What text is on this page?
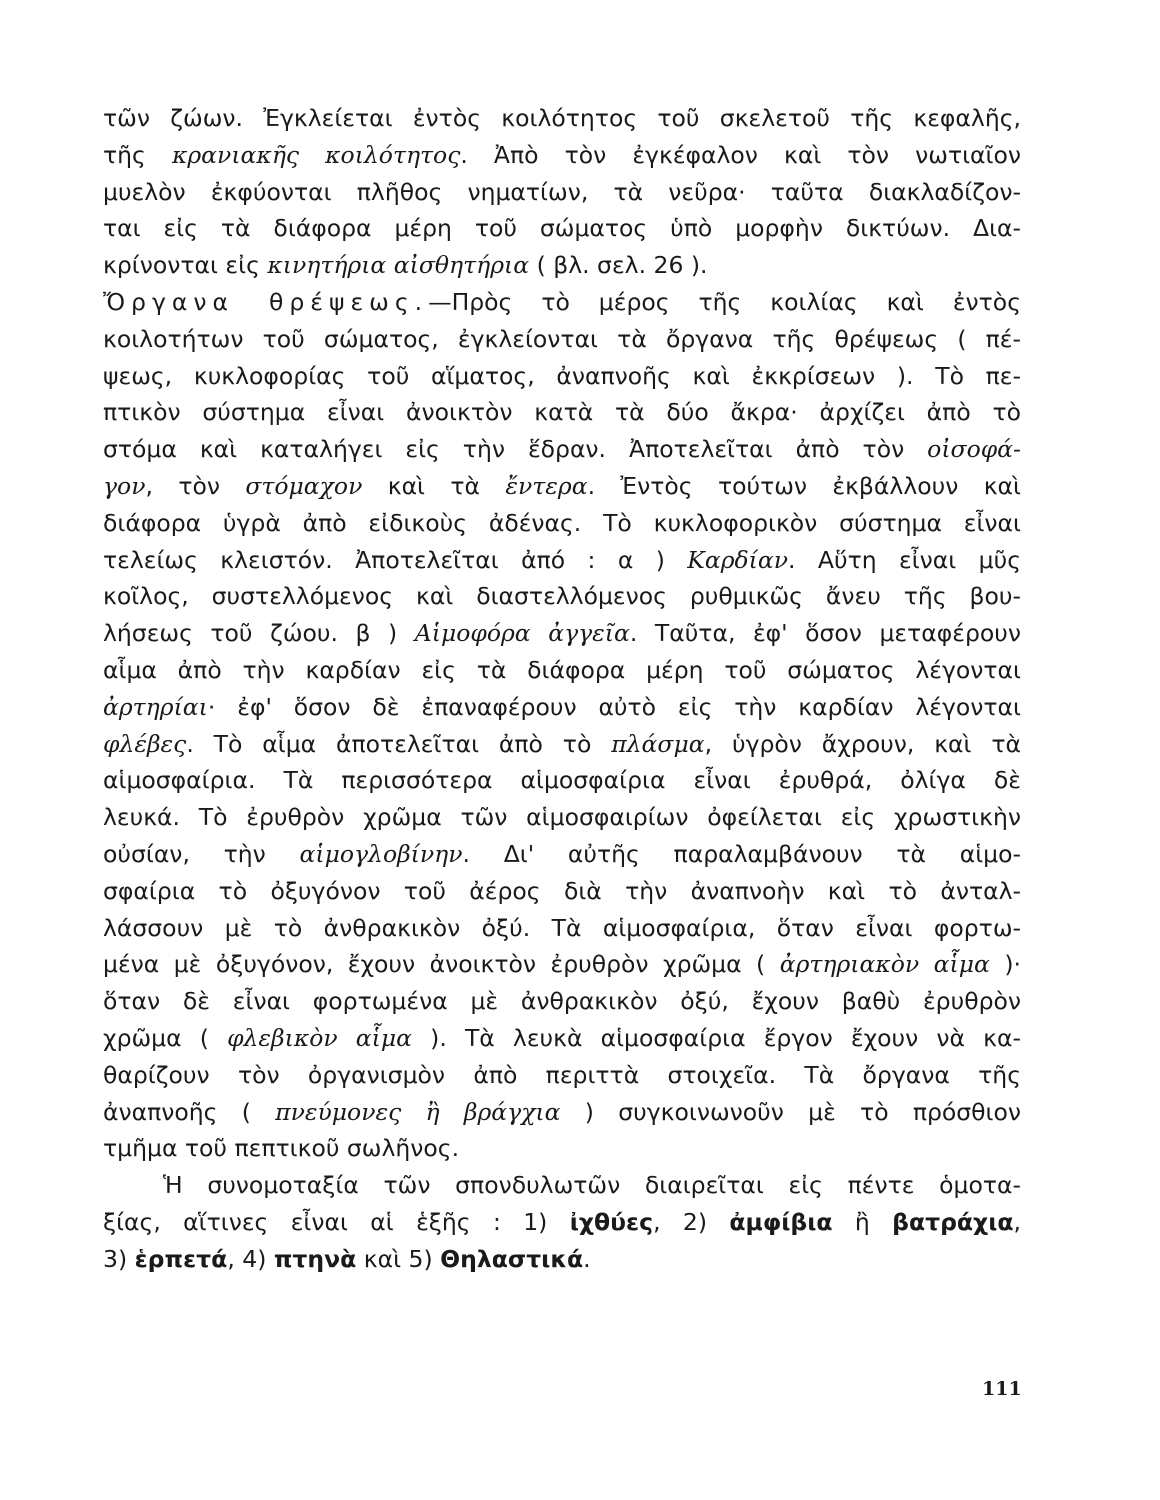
τῶν ζώων. Ἐγκλείεται ἐντὸς κοιλότητος τοῦ σκελετοῦ τῆς κεφαλῆς,
τῆς κρανιακῆς κοιλότητος. Ἀπὸ τὸν ἐγκέφαλον καὶ τὸν νωτιαῖον
μυελὸν ἐκφύονται πλῆθος νηματίων, τὰ νεῦρα· ταῦτα διακλαδίζον-
ται εἰς τὰ διάφορα μέρη τοῦ σώματος ὑπὸ μορφὴν δικτύων. Δια-
κρίνονται εἰς κινητήρια αἰσθητήρια ( βλ. σελ. 26 ).
Ὄργανα θρέψεως.—Πρὸς τὸ μέρος τῆς κοιλίας καὶ ἐντὸς
κοιλοτήτων τοῦ σώματος, ἐγκλείονται τὰ ὄργανα τῆς θρέψεως ( πέ-
ψεως, κυκλοφορίας τοῦ αἵματος, ἀναπνοῆς καὶ ἐκκρίσεων ). Τὸ πε-
πτικὸν σύστημα εἶναι ἀνοικτὸν κατὰ τὰ δύο ἄκρα· ἀρχίζει ἀπὸ τὸ
στόμα καὶ καταλήγει εἰς τὴν ἕδραν. Ἀποτελεῖται ἀπὸ τὸν οἰσοφά-
γον, τὸν στόμαχον καὶ τὰ ἔντερα. Ἐντὸς τούτων ἐκβάλλουν καὶ
διάφορα ὑγρὰ ἀπὸ εἰδικοὺς ἀδένας. Τὸ κυκλοφορικὸν σύστημα εἶναι
τελείως κλειστόν. Ἀποτελεῖται ἀπό : α ) Καρδίαν. Αὕτη εἶναι μῦς
κοῖλος, συστελλόμενος καὶ διαστελλόμενος ρυθμικῶς ἄνευ τῆς βου-
λήσεως τοῦ ζώου. β ) Αἱμοφόρα ἀγγεῖα. Ταῦτα, ἐφ' ὅσον μεταφέρουν
αἷμα ἀπὸ τὴν καρδίαν εἰς τὰ διάφορα μέρη τοῦ σώματος λέγονται
ἀρτηρίαι· ἐφ' ὅσον δὲ ἐπαναφέρουν αὐτὸ εἰς τὴν καρδίαν λέγονται
φλέβες. Τὸ αἷμα ἀποτελεῖται ἀπὸ τὸ πλάσμα, ὑγρὸν ἄχρουν, καὶ τὰ
αἱμοσφαίρια. Τὰ περισσότερα αἱμοσφαίρια εἶναι ἐρυθρά, ὀλίγα δὲ
λευκά. Τὸ ἐρυθρὸν χρῶμα τῶν αἱμοσφαιρίων ὀφείλεται εἰς χρωστικὴν
οὐσίαν, τὴν αἱμογλοβίνην. Δι' αὐτῆς παραλαμβάνουν τὰ αἱμο-
σφαίρια τὸ ὀξυγόνον τοῦ ἀέρος διὰ τὴν ἀναπνοὴν καὶ τὸ ἀνταλ-
λάσσουν μὲ τὸ ἀνθρακικὸν ὀξύ. Τὰ αἱμοσφαίρια, ὅταν εἶναι φορτω-
μένα μὲ ὀξυγόνον, ἔχουν ἀνοικτὸν ἐρυθρὸν χρῶμα ( ἀρτηριακὸν αἷμα )·
ὅταν δὲ εἶναι φορτωμένα μὲ ἀνθρακικὸν ὀξύ, ἔχουν βαθὺ ἐρυθρὸν
χρῶμα ( φλεβικὸν αἷμα ). Τὰ λευκὰ αἱμοσφαίρια ἔργον ἔχουν νὰ κα-
θαρίζουν τὸν ὀργανισμὸν ἀπὸ περιττὰ στοιχεῖα. Τὰ ὄργανα τῆς
ἀναπνοῆς ( πνεύμονες ἢ βράγχια ) συγκοινωνοῦν μὲ τὸ πρόσθιον
τμῆμα τοῦ πεπτικοῦ σωλῆνος.
Ἡ συνομοταξία τῶν σπονδυλωτῶν διαιρεῖται εἰς πέντε ὁμοτα-
ξίας, αἵτινες εἶναι αἱ ἑξῆς : 1) ἰχθύες, 2) ἀμφίβια ἢ βατράχια,
3) ἑρπετά, 4) πτηνὰ καὶ 5) Θηλαστικά.
111
